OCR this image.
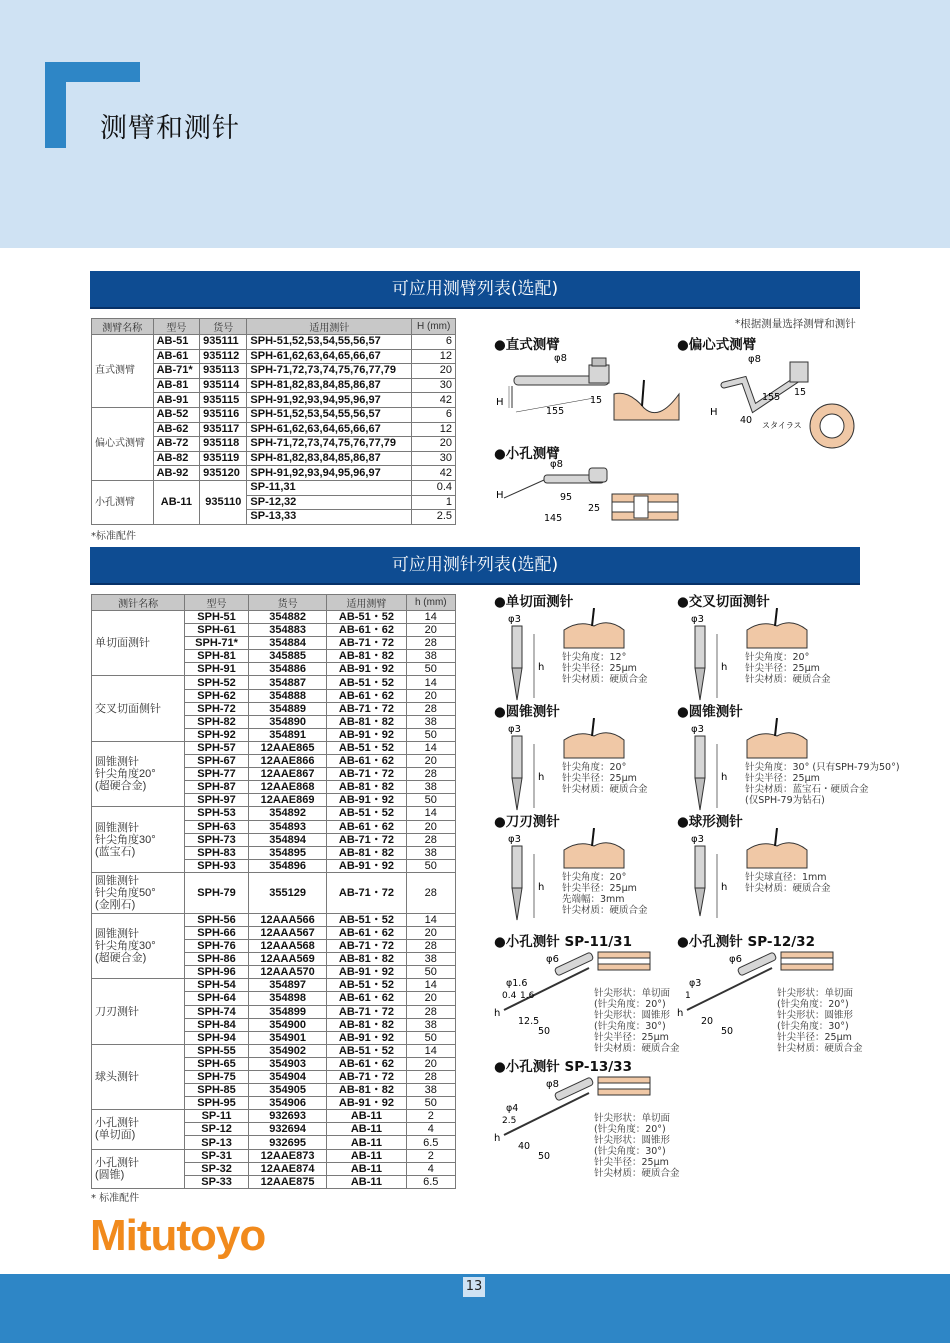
测臂和测针
可应用测臂列表(选配)
*根据测量选择测臂和测针
测臂名称	型号	货号	适用测针	H (mm)
直式测臂	AB-51	935111	SPH-51,52,53,54,55,56,57	6
	AB-61	935112	SPH-61,62,63,64,65,66,67	12
	AB-71*	935113	SPH-71,72,73,74,75,76,77,79	20
	AB-81	935114	SPH-81,82,83,84,85,86,87	30
	AB-91	935115	SPH-91,92,93,94,95,96,97	42
偏心式测臂	AB-52	935116	SPH-51,52,53,54,55,56,57	6
	AB-62	935117	SPH-61,62,63,64,65,66,67	12
	AB-72	935118	SPH-71,72,73,74,75,76,77,79	20
	AB-82	935119	SPH-81,82,83,84,85,86,87	30
	AB-92	935120	SPH-91,92,93,94,95,96,97	42
小孔测臂	AB-11	935110	SP-11,31	0.4
			SP-12,32	1
			SP-13,33	2.5
*标准配件
●直式测臂
H
155
15
φ8
●偏心式测臂
φ8
155 15
40
H
スタイラス
●小孔测臂
φ8
H	95
145
25
可应用测针列表(选配)
测针名称	型号	货号	适用测臂	h (mm)

单切面测针	SPH-51	354882	AB-51・52	14
	SPH-61	354883	AB-61・62	20
	SPH-71*	354884	AB-71・72	28
	SPH-81	345885	AB-81・82	38
	SPH-91	354886	AB-91・92	50

交叉切面侧针	SPH-52	354887	AB-51・52	14
	SPH-62	354888	AB-61・62	20
	SPH-72	354889	AB-71・72	28
	SPH-82	354890	AB-81・82	38
	SPH-92	354891	AB-91・92	50

圆锥测针
针尖角度20°
(超硬合金)	SPH-57	12AAE865	AB-51・52	14
	SPH-67	12AAE866	AB-61・62	20
	SPH-77	12AAE867	AB-71・72	28
	SPH-87	12AAE868	AB-81・82	38
	SPH-97	12AAE869	AB-91・92	50

圆锥测针
针尖角度30°
(蓝宝石)	SPH-53	354892	AB-51・52	14
	SPH-63	354893	AB-61・62	20
	SPH-73	354894	AB-71・72	28
	SPH-83	354895	AB-81・82	38
	SPH-93	354896	AB-91・92	50

圆锥测针
针尖角度50°
(金刚石)	SPH-79	355129	AB-71・72	28

圆锥测针
针尖角度30°
(超硬合金)	SPH-56	12AAA566	AB-51・52	14
	SPH-66	12AAA567	AB-61・62	20
	SPH-76	12AAA568	AB-71・72	28
	SPH-86	12AAA569	AB-81・82	38
	SPH-96	12AAA570	AB-91・92	50

刀刃测针	SPH-54	354897	AB-51・52	14
	SPH-64	354898	AB-61・62	20
	SPH-74	354899	AB-71・72	28
	SPH-84	354900	AB-81・82	38
	SPH-94	354901	AB-91・92	50

球头测针	SPH-55	354902	AB-51・52	14
	SPH-65	354903	AB-61・62	20
	SPH-75	354904	AB-71・72	28
	SPH-85	354905	AB-81・82	38
	SPH-95	354906	AB-91・92	50

小孔测针
(单切面)	SP-11	932693	AB-11	2
	SP-12	932694	AB-11	4
	SP-13	932695	AB-11	6.5

小孔测针
(圆锥)	SP-31	12AAE873	AB-11	2
	SP-32	12AAE874	AB-11	4
	SP-33	12AAE875	AB-11	6.5
* 标准配件
●单切面测针
φ3
h
针尖角度：12°
针尖半径：25μm
针尖材质：硬质合金
●交叉切面测针
φ3
h
针尖角度：20°
针尖半径：25μm
针尖材质：硬质合金
●圆锥测针
φ3
h
针尖角度：20°
针尖半径：25μm
针尖材质：硬质合金
●圆锥测针
φ3
h
针尖角度：30° (只有SPH-79为50°)
针尖半径：25μm
针尖材质：蓝宝石・硬质合金
(仅SPH-79为钻石)
●刀刃测针
φ3
h
针尖角度：20°
针尖半径：25μm
先端幅：3mm
针尖材质：硬质合金
●球形测针
φ3
h
针尖球直径：1mm
针尖材质：硬质合金
●小孔测针 SP-11/31
φ6
φ1.6
0.4 1.6
h
12.5
50
针尖形状：单切面
(针尖角度：20°)
针尖形状：圆锥形
(针尖角度：30°)
针尖半径：25μm
针尖材质：硬质合金
●小孔测针 SP-12/32
φ6
φ3
1
h
20
50
针尖形状：单切面
(针尖角度：20°)
针尖形状：圆锥形
(针尖角度：30°)
针尖半径：25μm
针尖材质：硬质合金
●小孔测针 SP-13/33
φ8
φ4
2.5
h
40
50
针尖形状：单切面
(针尖角度：20°)
针尖形状：圆锥形
(针尖角度：30°)
针尖半径：25μm
针尖材质：硬质合金
Mitutoyo
13
